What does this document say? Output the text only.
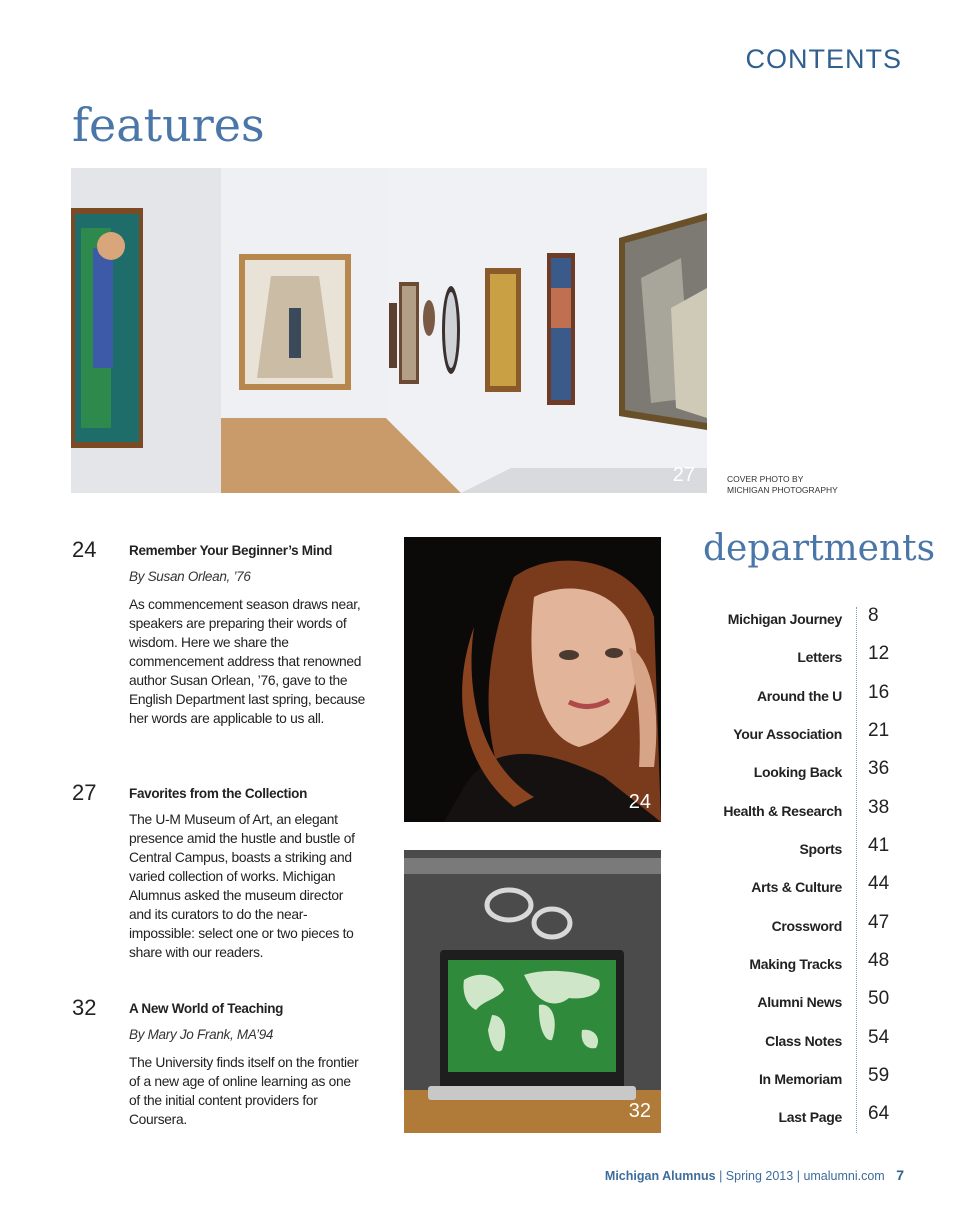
CONTENTS
features
27	COVER PHOTO BY
MICHIGAN PHOTOGRAPHY
24 Remember Your Beginner’s Mind
By Susan Orlean, ’76
As commencement season draws near, speakers are preparing their words of wisdom. Here we share the commencement address that renowned author Susan Orlean, ’76, gave to the English Department last spring, because her words are applicable to us all.
27 Favorites from the Collection
The U-M Museum of Art, an elegant presence amid the hustle and bustle of Central Campus, boasts a striking and varied collection of works. Michigan Alumnus asked the museum director and its curators to do the near-impossible: select one or two pieces to share with our readers.
32 A New World of Teaching
By Mary Jo Frank, MA’94
The University finds itself on the frontier of a new age of online learning as one of the initial content providers for Coursera.
24
32
departments
Michigan Journey 8
Letters 12
Around the U 16
Your Association 21
Looking Back 36
Health & Research 38
Sports 41
Arts & Culture 44
Crossword 47
Making Tracks 48
Alumni News 50
Class Notes 54
In Memoriam 59
Last Page 64
Michigan Alumnus | Spring 2013 | umalumni.com 7
